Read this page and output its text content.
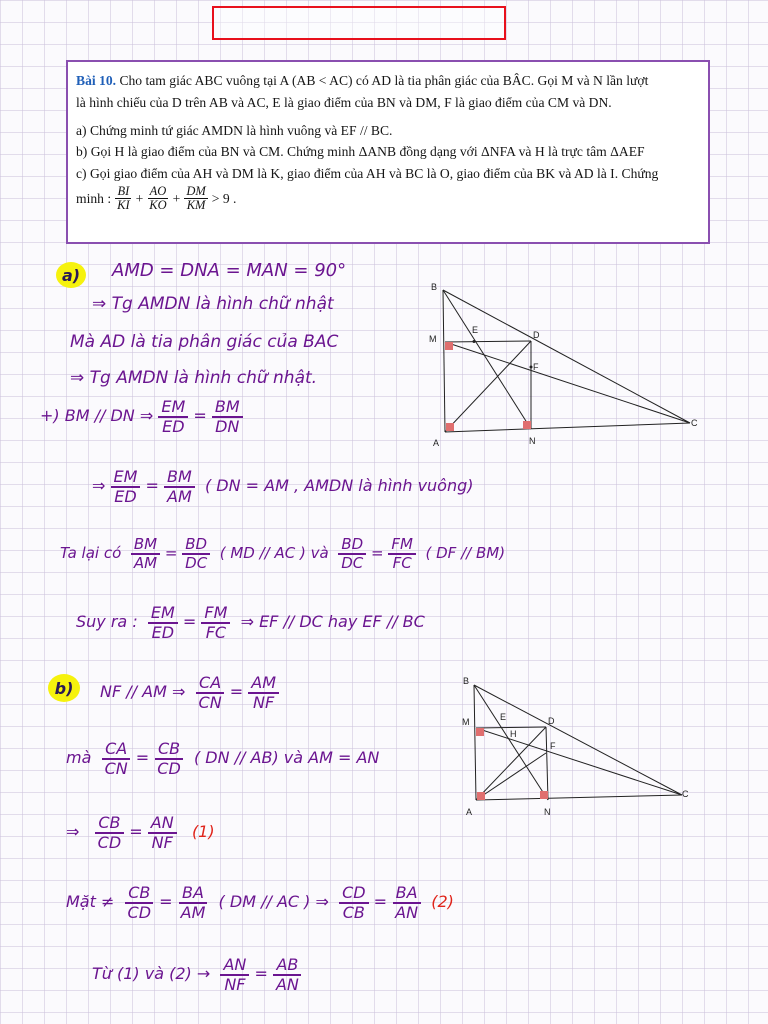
Bài 10. Cho tam giác ABC vuông tại A (AB < AC) có AD là tia phân giác của BÂC. Gọi M và N lần lượt

là hình chiếu của D trên AB và AC, E là giao điểm của BN và DM, F là giao điểm của CM và DN.

a) Chứng minh tứ giác AMDN là hình vuông và EF // BC.

b) Gọi H là giao điểm của BN và CM. Chứng minh ΔANB đồng dạng với ΔNFA và H là trực tâm ΔAEF

c) Gọi giao điểm của AH và DM là K, giao điểm của AH và BC là O, giao điểm của BK và AD là I. Chứng

minh : BI
KI + $\frac{AO}{KO} + \frac{DM}{KM} > 9$ .
B
E	D
M
F
A	N
C
B
E	D
M
H
F
A	N
C
a) AMD = DNA = MAN = 90°
⇒ Tg AMDN là hình chữ nhật
Mà AD là tia phân giác của BAC
⇒ Tg AMDN là hình chữ nhật.
+) BM // DN ⇒ $\frac{EM}{ED} = \frac{BM}{DN}$
⇒ $\frac{EM}{ED} = \frac{BM}{AM}$ ( DN = AM , AMDN là hình vuông)
Ta lại có $\frac{BM}{AM} = \frac{BD}{DC}$ ( MD // AC ) và $\frac{BD}{DC} = \frac{FM}{FC}$ ( DF // BM)
Suy ra : $\frac{EM}{ED} = \frac{FM}{FC}$ ⇒ EF // DC hay EF // BC
b) NF // AM ⇒ $\frac{CA}{CN} = \frac{AM}{NF}$
mà $\frac{CA}{CN} = \frac{CB}{CD}$ ( DN // AB) và AM = AN
⇒ $\frac{CB}{CD} = \frac{AN}{NF} (1)$
Mặt ≠ $\frac{CB}{CD} = \frac{BA}{AM}$ ( DM // AC ) ⇒ $\frac{CD}{CB} = \frac{BA}{AN} (2)$
Từ (1) và $(2) \to \frac{AN}{NF} = \frac{AB}{AN}$
